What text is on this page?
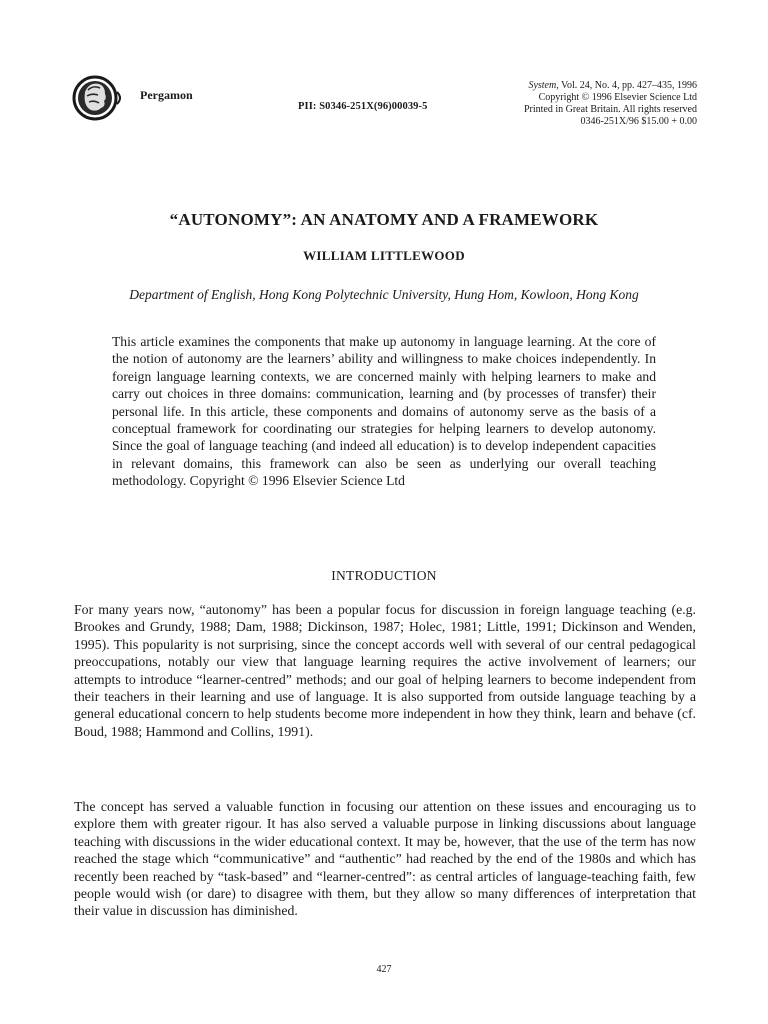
Pergamon
PII: S0346-251X(96)00039-5
System, Vol. 24, No. 4, pp. 427–435, 1996
Copyright © 1996 Elsevier Science Ltd
Printed in Great Britain. All rights reserved
0346-251X/96 $15.00 + 0.00
“AUTONOMY”: AN ANATOMY AND A FRAMEWORK
WILLIAM LITTLEWOOD
Department of English, Hong Kong Polytechnic University, Hung Hom, Kowloon, Hong Kong
This article examines the components that make up autonomy in language learning. At the core of the notion of autonomy are the learners’ ability and willingness to make choices independently. In foreign language learning contexts, we are concerned mainly with helping learners to make and carry out choices in three domains: communication, learning and (by processes of transfer) their personal life. In this article, these components and domains of autonomy serve as the basis of a conceptual framework for coordinating our strategies for helping learners to develop autonomy. Since the goal of language teaching (and indeed all education) is to develop independent capacities in relevant domains, this framework can also be seen as underlying our overall teaching methodology. Copyright © 1996 Elsevier Science Ltd
INTRODUCTION
For many years now, “autonomy” has been a popular focus for discussion in foreign language teaching (e.g. Brookes and Grundy, 1988; Dam, 1988; Dickinson, 1987; Holec, 1981; Little, 1991; Dickinson and Wenden, 1995). This popularity is not surprising, since the concept accords well with several of our central pedagogical preoccupations, notably our view that language learning requires the active involvement of learners; our attempts to introduce “learner-centred” methods; and our goal of helping learners to become independent from their teachers in their learning and use of language. It is also supported from outside language teaching by a general educational concern to help students become more independent in how they think, learn and behave (cf. Boud, 1988; Hammond and Collins, 1991).
The concept has served a valuable function in focusing our attention on these issues and encouraging us to explore them with greater rigour. It has also served a valuable purpose in linking discussions about language teaching with discussions in the wider educational context. It may be, however, that the use of the term has now reached the stage which “communicative” and “authentic” had reached by the end of the 1980s and which has recently been reached by “task-based” and “learner-centred”: as central articles of language-teaching faith, few people would wish (or dare) to disagree with them, but they allow so many differences of interpretation that their value in discussion has diminished.
427
